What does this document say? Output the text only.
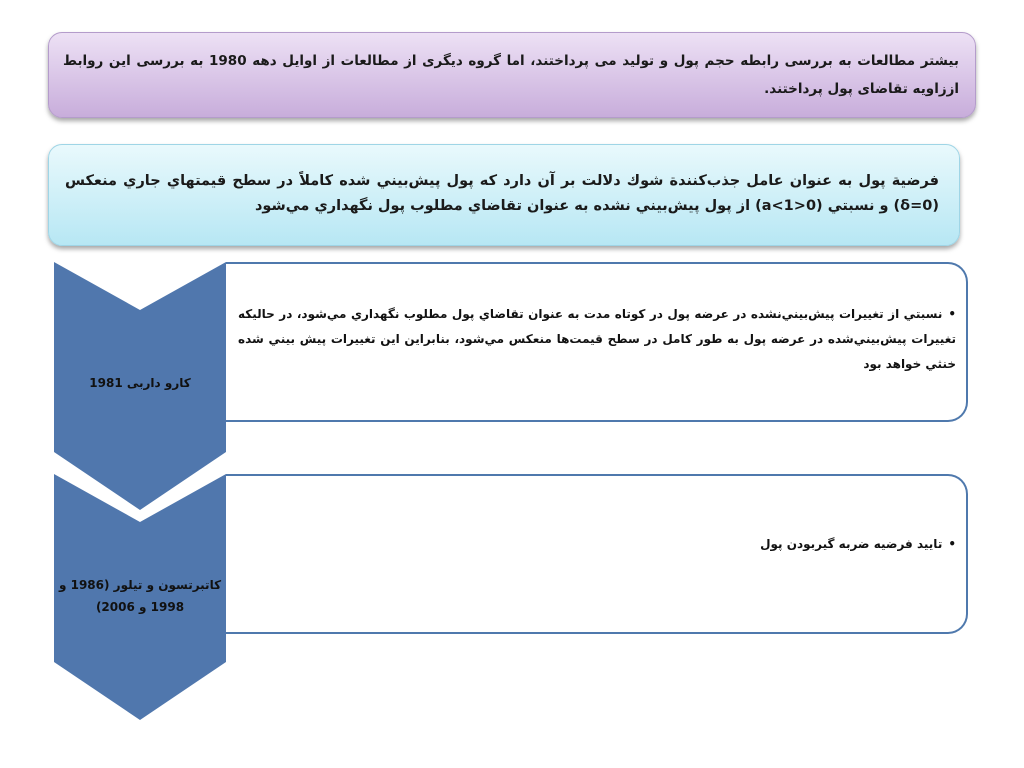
بیشتر مطالعات به بررسی رابطه حجم پول و تولید می پرداختند، اما گروه دیگری از مطالعات از اوایل دهه 1980 به بررسی این روابط اززاویه تقاضای پول پرداختند.
فرضية پول به عنوان عامل جذب‌کنندة شوك دلالت بر آن دارد كه پول پيش‌بيني شده كاملاً در سطح قيمتهاي جاري منعكس (δ=0) و نسبتي (0<a<1) از پول پيش‌بيني نشده به عنوان تقاضاي مطلوب پول نگهداري مي‌شود
کارو داربی 1981
کاتبرتسون و تیلور (1986 و 1998 و 2006)
•نسبتي از تغييرات پيش‌بيني‌نشده در عرضه پول در كوتاه مدت به عنوان تقاضاي پول مطلوب نگهداري مي‌شود، در حاليكه تغييرات پيش‌بيني‌شده در عرضه پول به طور كامل در سطح قيمت‌ها منعكس مي‌شود، بنابراين اين تغييرات پيش بيني شده خنثي خواهد بود
•تایید فرضیه ضربه گیربودن پول
